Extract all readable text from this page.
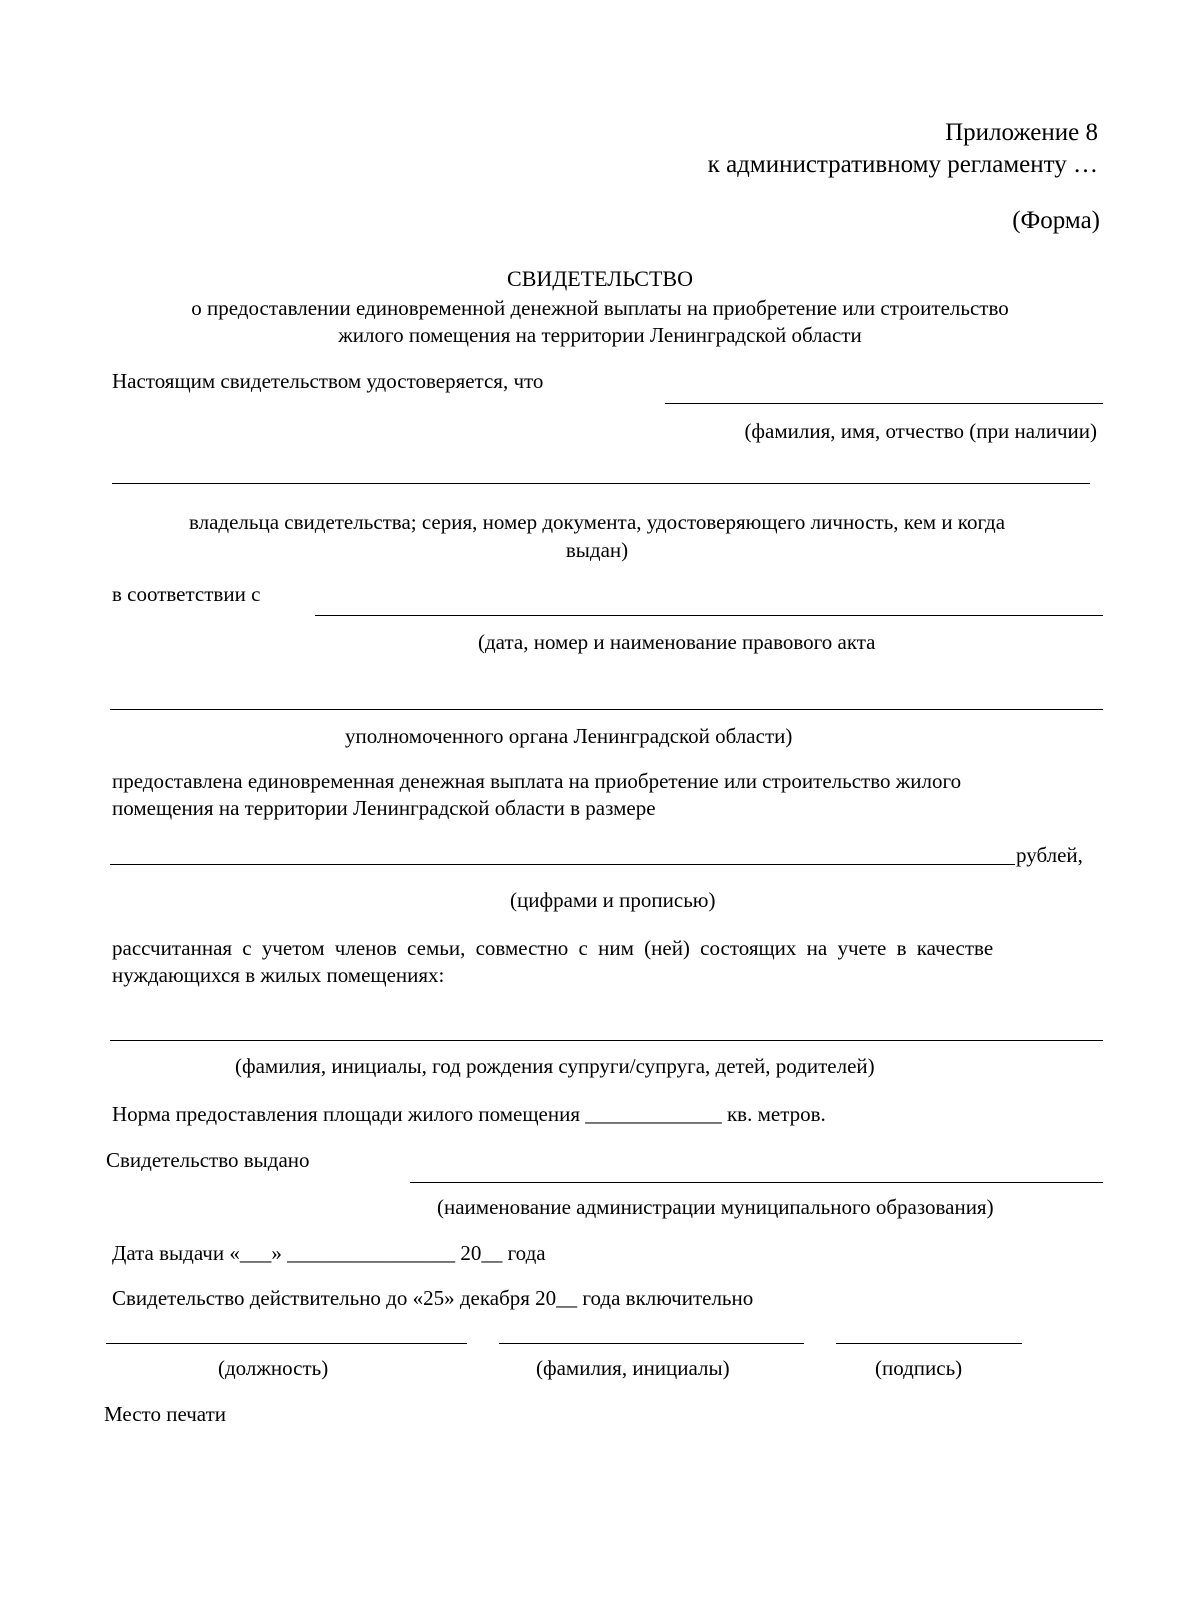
Приложение 8
к административному регламенту …
(Форма)
СВИДЕТЕЛЬСТВО
о предоставлении единовременной денежной выплаты на приобретение или строительство
жилого помещения на территории Ленинградской области
Настоящим свидетельством удостоверяется, что
(фамилия, имя, отчество (при наличии)
владельца свидетельства; серия, номер документа, удостоверяющего личность, кем и когда
выдан)
в соответствии с
(дата, номер и наименование правового акта
уполномоченного органа Ленинградской области)
предоставлена единовременная денежная выплата на приобретение или строительство жилого
помещения на территории Ленинградской области в размере
рублей,
(цифрами и прописью)
рассчитанная с учетом членов семьи, совместно с ним (ней) состоящих на учете в качестве
нуждающихся в жилых помещениях:
(фамилия, инициалы, год рождения супруги/супруга, детей, родителей)
Норма предоставления площади жилого помещения _____________ кв. метров.
Свидетельство выдано
(наименование администрации муниципального образования)
Дата выдачи «___» ________________ 20__ года
Свидетельство действительно до «25» декабря 20__ года включительно
(должность)	(фамилия, инициалы)	(подпись)
Место печати
